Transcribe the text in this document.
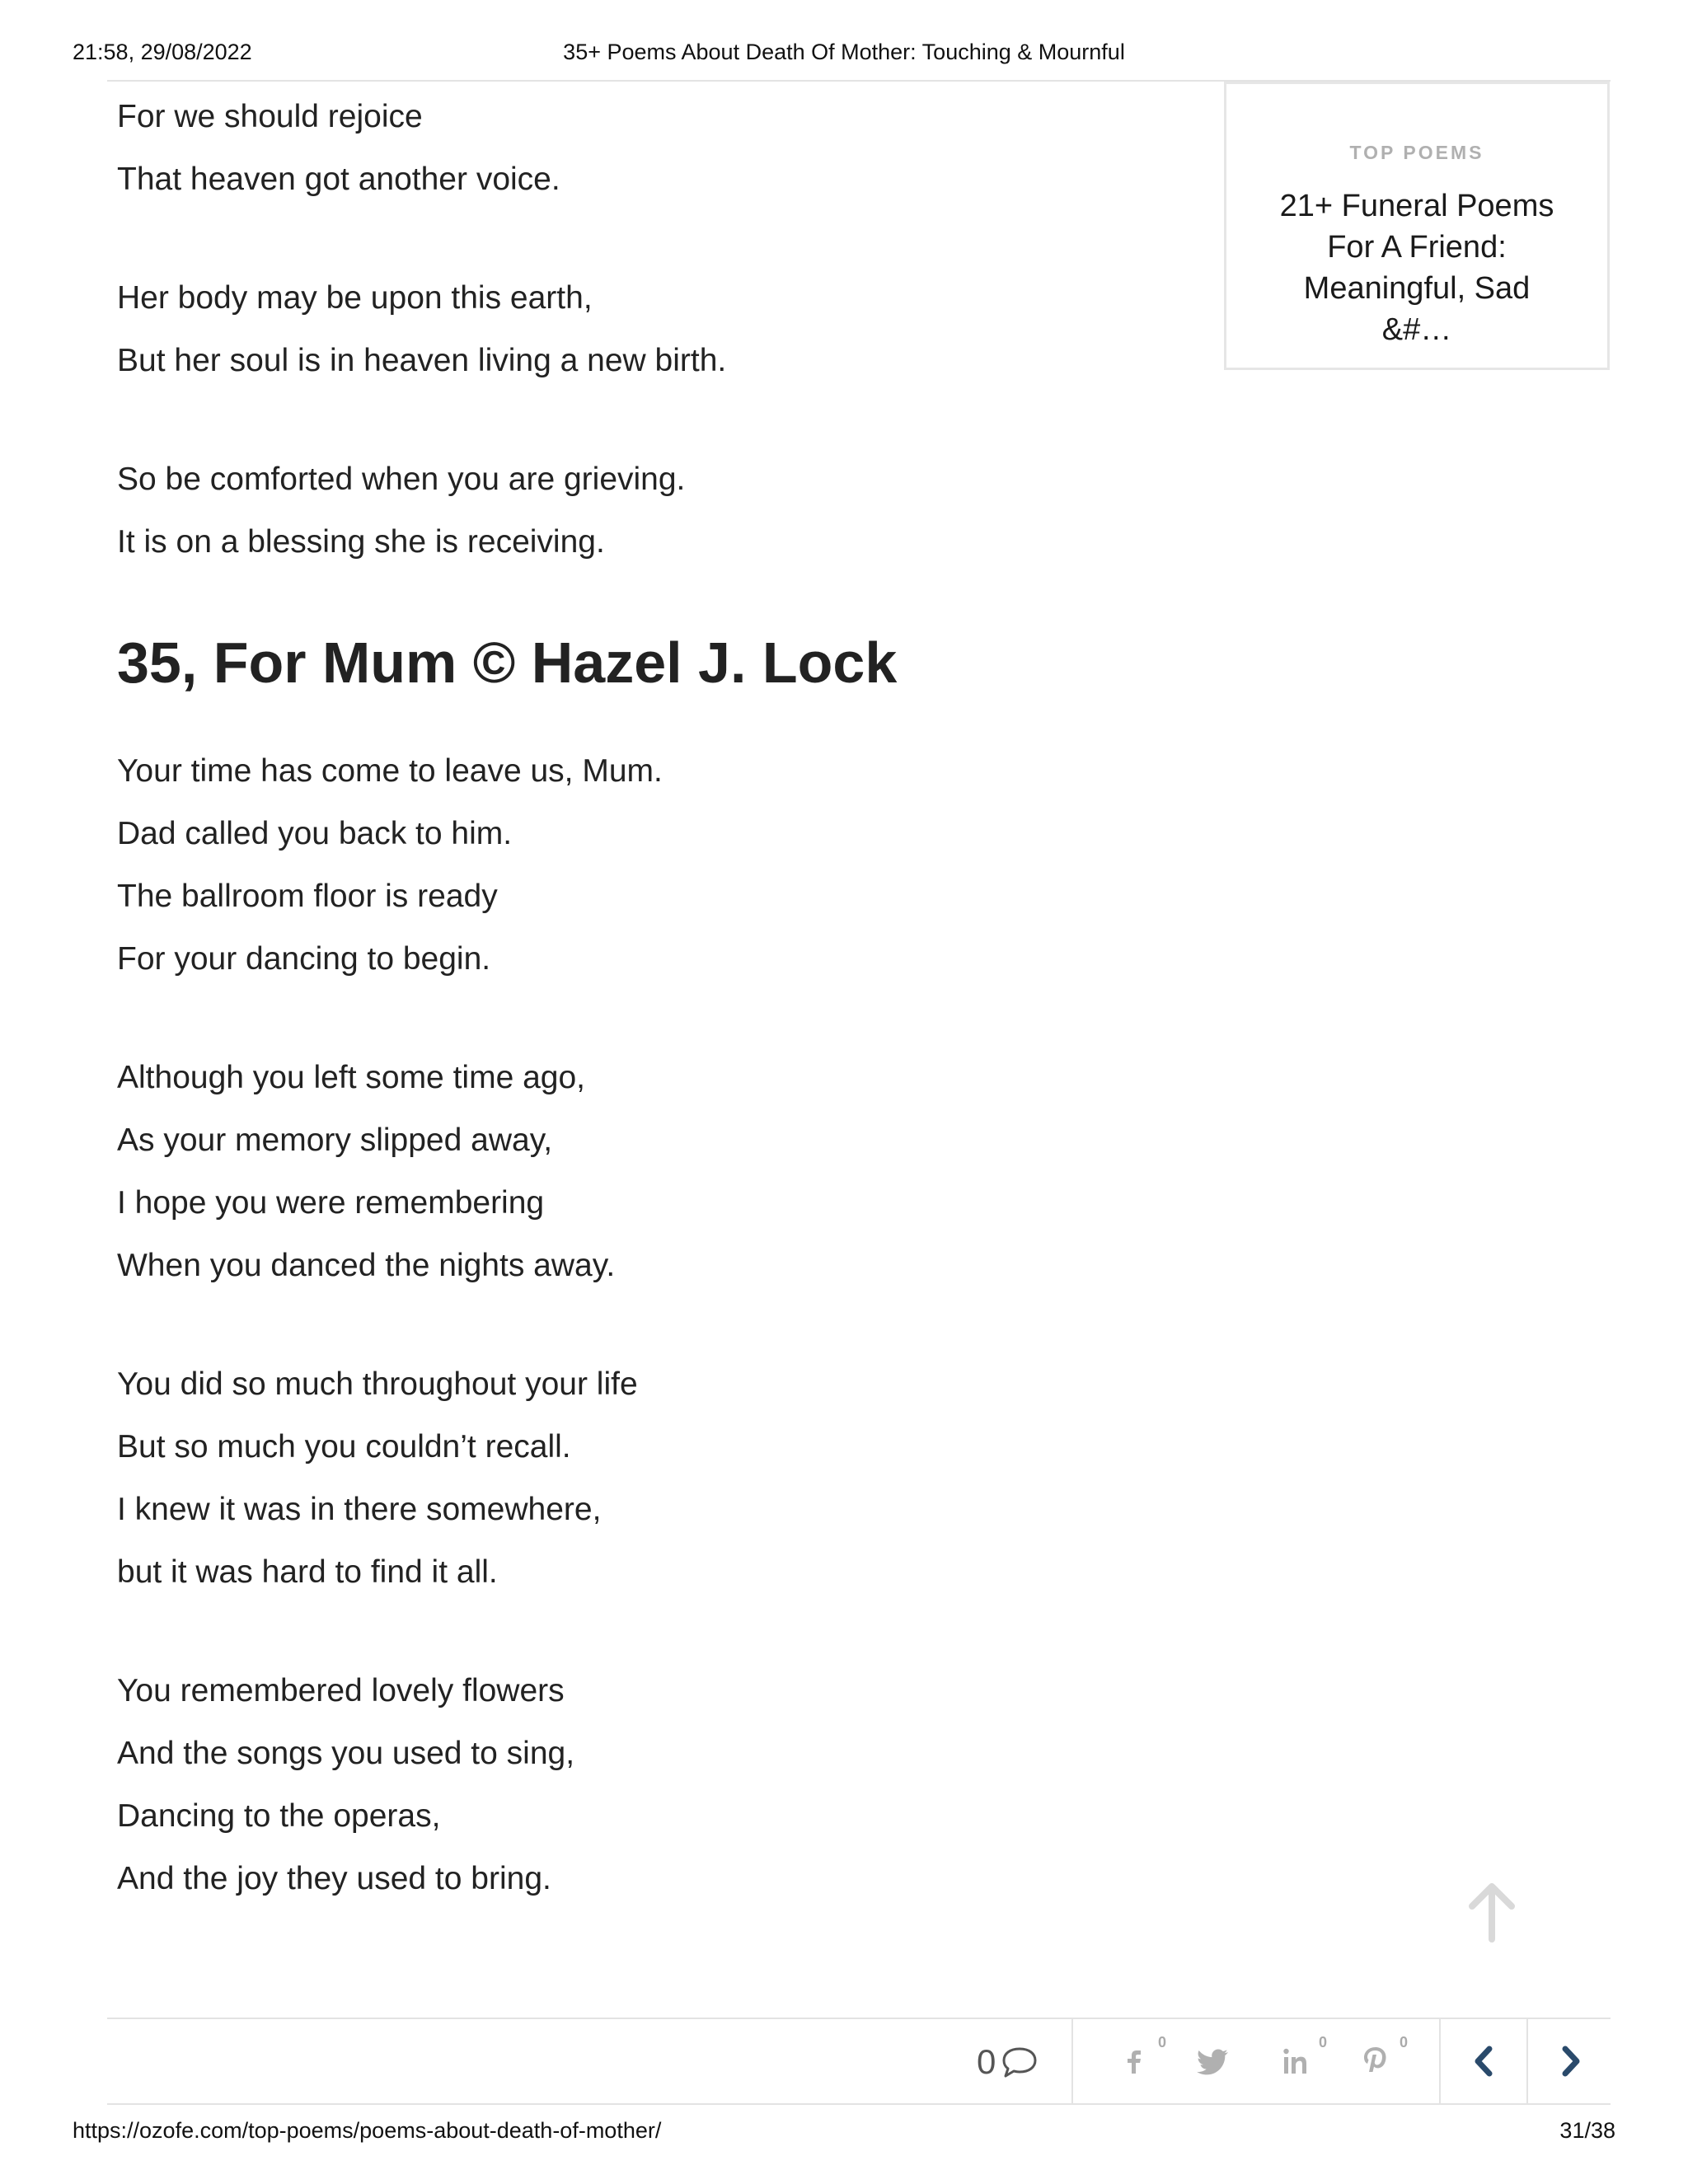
21:58, 29/08/2022	35+ Poems About Death Of Mother: Touching & Mournful
For we should rejoice
That heaven got another voice.
Her body may be upon this earth,
But her soul is in heaven living a new birth.
So be comforted when you are grieving.
It is on a blessing she is receiving.
35, For Mum © Hazel J. Lock
Your time has come to leave us, Mum.
Dad called you back to him.
The ballroom floor is ready
For your dancing to begin.
Although you left some time ago,
As your memory slipped away,
I hope you were remembering
When you danced the nights away.
You did so much throughout your life
But so much you couldn’t recall.
I knew it was in there somewhere,
but it was hard to find it all.
You remembered lovely flowers
And the songs you used to sing,
Dancing to the operas,
And the joy they used to bring.
TOP POEMS
21+ Funeral Poems For A Friend: Meaningful, Sad &#…
0	0	0	0
https://ozofe.com/top-poems/poems-about-death-of-mother/	31/38
